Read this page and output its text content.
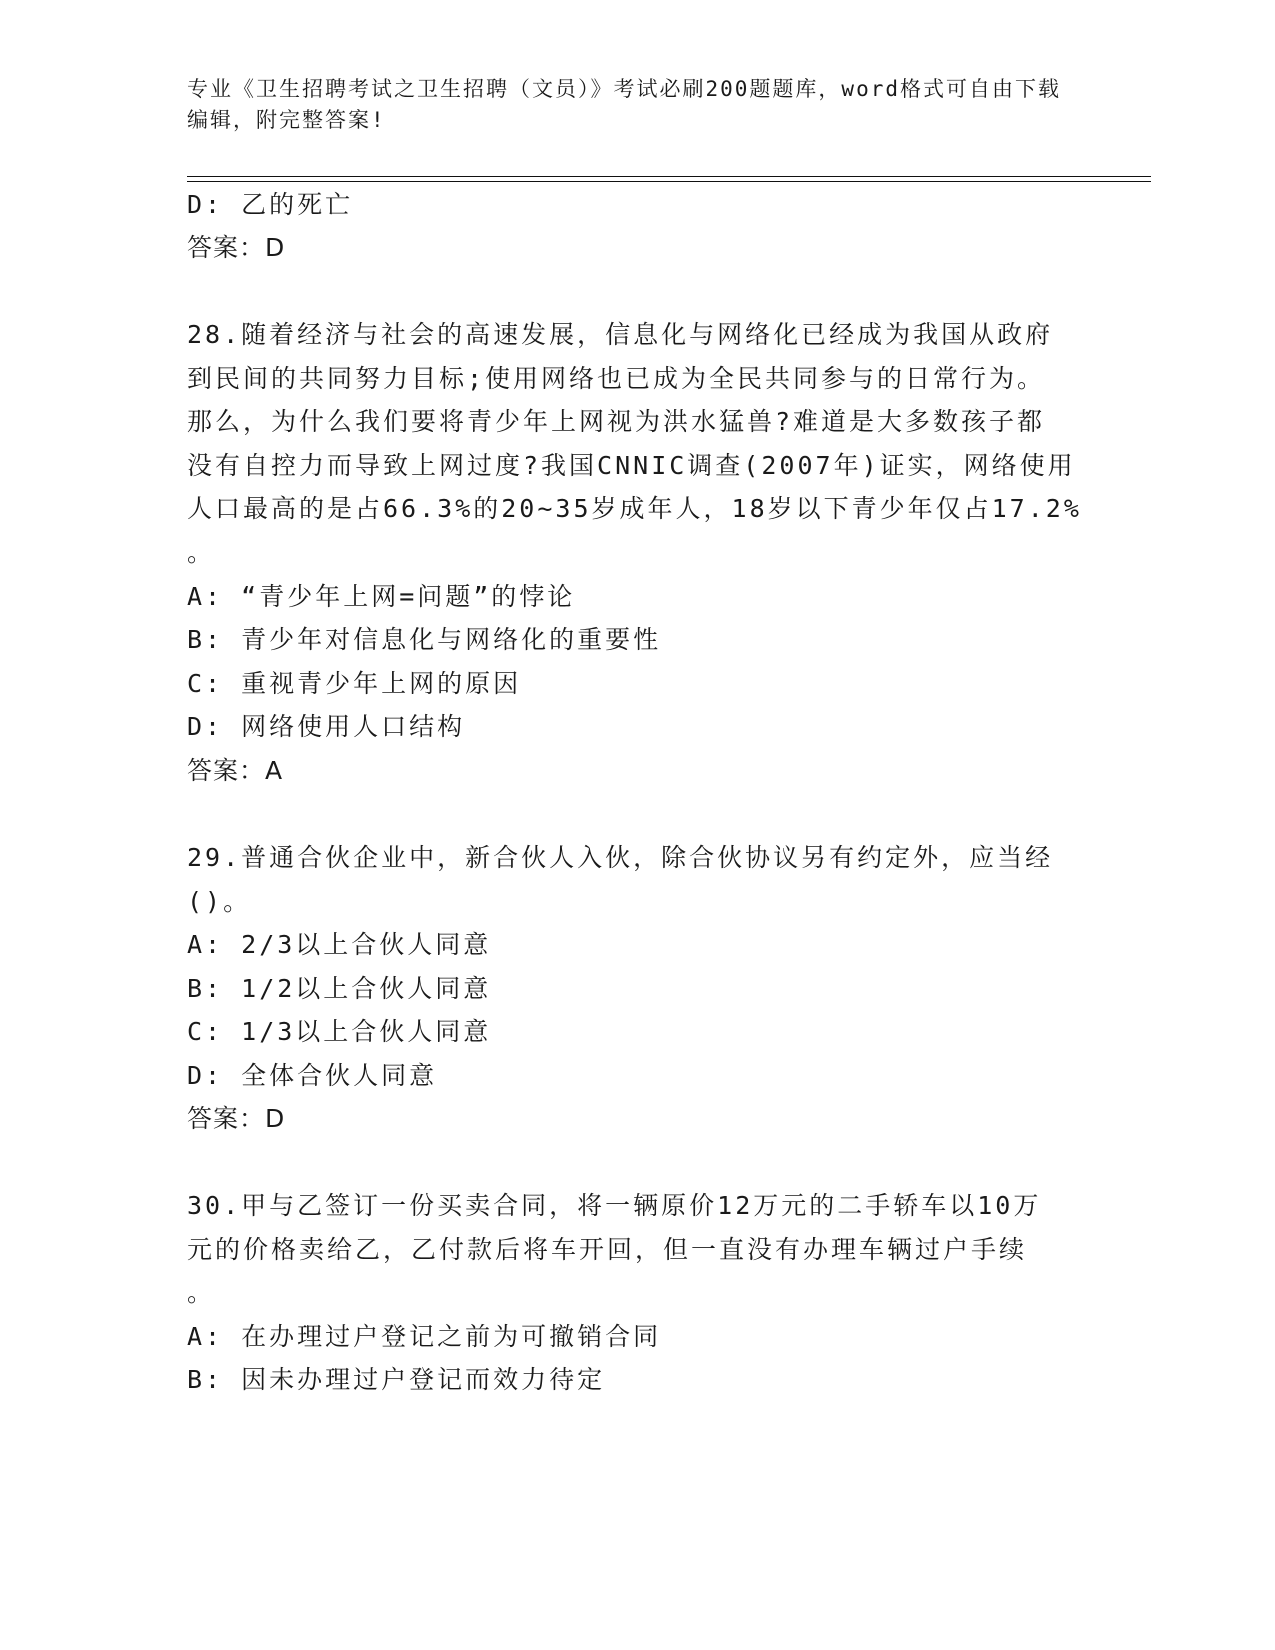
专业《卫生招聘考试之卫生招聘（文员）》考试必刷200题题库，word格式可自由下载编辑，附完整答案!
D: 乙的死亡
答案：D
28.随着经济与社会的高速发展，信息化与网络化已经成为我国从政府
到民间的共同努力目标;使用网络也已成为全民共同参与的日常行为。
那么，为什么我们要将青少年上网视为洪水猛兽?难道是大多数孩子都
没有自控力而导致上网过度?我国CNNIC调查(2007年)证实，网络使用
人口最高的是占66.3%的20~35岁成年人，18岁以下青少年仅占17.2%
。
A: “青少年上网=问题”的悖论
B: 青少年对信息化与网络化的重要性
C: 重视青少年上网的原因
D: 网络使用人口结构
答案：A
29.普通合伙企业中，新合伙人入伙，除合伙协议另有约定外，应当经
()。
A: 2/3以上合伙人同意
B: 1/2以上合伙人同意
C: 1/3以上合伙人同意
D: 全体合伙人同意
答案：D
30.甲与乙签订一份买卖合同，将一辆原价12万元的二手轿车以10万
元的价格卖给乙，乙付款后将车开回，但一直没有办理车辆过户手续
。
A: 在办理过户登记之前为可撤销合同
B: 因未办理过户登记而效力待定
